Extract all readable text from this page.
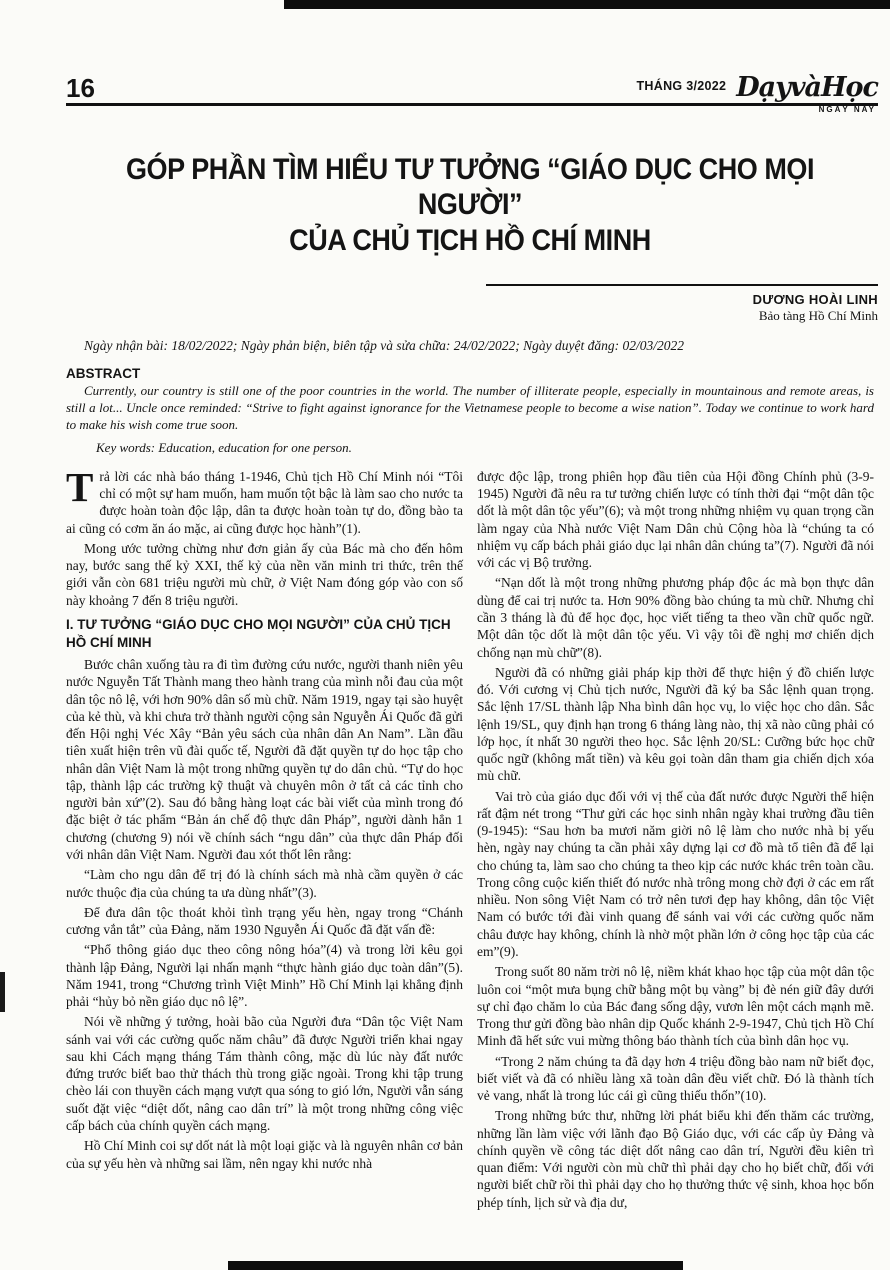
16	THÁNG 3/2022 DạyvàHọc
NGÀY NAY
GÓP PHẦN TÌM HIỂU TƯ TƯỞNG “GIÁO DỤC CHO MỌI NGƯỜI”
CỦA CHỦ TỊCH HỒ CHÍ MINH
DƯƠNG HOÀI LINH
Bảo tàng Hồ Chí Minh
Ngày nhận bài: 18/02/2022; Ngày phản biện, biên tập và sửa chữa: 24/02/2022; Ngày duyệt đăng: 02/03/2022
ABSTRACT
Currently, our country is still one of the poor countries in the world. The number of illiterate people, especially in mountainous and remote areas, is still a lot... Uncle once reminded: “Strive to fight against ignorance for the Vietnamese people to become a wise nation”. Today we continue to work hard to make his wish come true soon.
Key words: Education, education for one person.

Trả lời các nhà báo tháng 1-1946, Chủ tịch Hồ Chí Minh nói “Tôi chỉ có một sự ham muốn, ham muốn tột bậc là làm sao cho nước ta được hoàn toàn độc lập, dân ta được hoàn toàn tự do, đồng bào ta ai cũng có cơm ăn áo mặc, ai cũng được học hành”(1).

Mong ước tưởng chừng như đơn giản ấy của Bác mà cho đến hôm nay, bước sang thế kỷ XXI, thế kỷ của nền văn minh tri thức, trên thế giới vẫn còn 681 triệu người mù chữ, ở Việt Nam đóng góp vào con số này khoảng 7 đến 8 triệu người.

I. TƯ TƯỞNG “GIÁO DỤC CHO MỌI NGƯỜI” CỦA CHỦ TỊCH HỒ CHÍ MINH

Bước chân xuống tàu ra đi tìm đường cứu nước, người thanh niên yêu nước Nguyễn Tất Thành mang theo hành trang của mình nỗi đau của một dân tộc nô lệ, với hơn 90% dân số mù chữ. Năm 1919, ngay tại sào huyệt của kẻ thù, và khi chưa trở thành người cộng sản Nguyễn Ái Quốc đã gửi đến Hội nghị Véc Xây “Bản yêu sách của nhân dân An Nam”. Lần đầu tiên xuất hiện trên vũ đài quốc tế, Người đã đặt quyền tự do học tập cho nhân dân Việt Nam là một trong những quyền tự do dân chủ. “Tự do học tập, thành lập các trường kỹ thuật và chuyên môn ở tất cả các tỉnh cho người bản xứ”(2). Sau đó bằng hàng loạt các bài viết của mình trong đó đặc biệt ở tác phẩm “Bản án chế độ thực dân Pháp”, người dành hẳn 1 chương (chương 9) nói về chính sách “ngu dân” của thực dân Pháp đối với nhân dân Việt Nam. Người đau xót thốt lên rằng:

“Làm cho ngu dân để trị đó là chính sách mà nhà cầm quyền ở các nước thuộc địa của chúng ta ưa dùng nhất”(3).

Để đưa dân tộc thoát khỏi tình trạng yếu hèn, ngay trong “Chánh cương vắn tắt” của Đảng, năm 1930 Nguyễn Ái Quốc đã đặt vấn đề:

“Phổ thông giáo dục theo công nông hóa”(4) và trong lời kêu gọi thành lập Đảng, Người lại nhấn mạnh “thực hành giáo dục toàn dân”(5). Năm 1941, trong “Chương trình Việt Minh” Hồ Chí Minh lại khẳng định phải “hủy bỏ nền giáo dục nô lệ”.

Nói về những ý tưởng, hoài bão của Người đưa “Dân tộc Việt Nam sánh vai với các cường quốc năm châu” đã được Người triển khai ngay sau khi Cách mạng tháng Tám thành công, mặc dù lúc này đất nước đứng trước biết bao thử thách thù trong giặc ngoài. Trong khi tập trung chèo lái con thuyền cách mạng vượt qua sóng to gió lớn, Người vẫn sáng suốt đặt việc “diệt dốt, nâng cao dân trí” là một trong những công việc cấp bách của chính quyền cách mạng.

Hồ Chí Minh coi sự dốt nát là một loại giặc và là nguyên nhân cơ bản của sự yếu hèn và những sai lầm, nên ngay khi nước nhà

được độc lập, trong phiên họp đầu tiên của Hội đồng Chính phủ (3-9-1945) Người đã nêu ra tư tưởng chiến lược có tính thời đại “một dân tộc dốt là một dân tộc yếu”(6); và một trong những nhiệm vụ quan trọng cần làm ngay của Nhà nước Việt Nam Dân chủ Cộng hòa là “chúng ta có nhiệm vụ cấp bách phải giáo dục lại nhân dân chúng ta”(7). Người đã nói với các vị Bộ trưởng.

“Nạn dốt là một trong những phương pháp độc ác mà bọn thực dân dùng để cai trị nước ta. Hơn 90% đồng bào chúng ta mù chữ. Nhưng chỉ cần 3 tháng là đủ để học đọc, học viết tiếng ta theo vần chữ quốc ngữ. Một dân tộc dốt là một dân tộc yếu. Vì vậy tôi đề nghị mơ chiến dịch chống nạn mù chữ”(8).

Người đã có những giải pháp kịp thời để thực hiện ý đồ chiến lược đó. Với cương vị Chủ tịch nước, Người đã ký ba Sắc lệnh quan trọng. Sắc lệnh 17/SL thành lập Nha bình dân học vụ, lo việc học cho dân. Sắc lệnh 19/SL, quy định hạn trong 6 tháng làng nào, thị xã nào cũng phải có lớp học, ít nhất 30 người theo học. Sắc lệnh 20/SL: Cưỡng bức học chữ quốc ngữ (không mất tiền) và kêu gọi toàn dân tham gia chiến dịch xóa mù chữ.

Vai trò của giáo dục đối với vị thế của đất nước được Người thể hiện rất đậm nét trong “Thư gửi các học sinh nhân ngày khai trường đầu tiên (9-1945): “Sau hơn ba mươi năm giời nô lệ làm cho nước nhà bị yếu hèn, ngày nay chúng ta cần phải xây dựng lại cơ đồ mà tổ tiên đã để lại cho chúng ta, làm sao cho chúng ta theo kịp các nước khác trên toàn cầu. Trong công cuộc kiến thiết đó nước nhà trông mong chờ đợi ở các em rất nhiều. Non sông Việt Nam có trở nên tươi đẹp hay không, dân tộc Việt Nam có bước tới đài vinh quang để sánh vai với các cường quốc năm châu được hay không, chính là nhờ một phần lớn ở công học tập của các em”(9).

Trong suốt 80 năm trời nô lệ, niềm khát khao học tập của một dân tộc luôn coi “một mưa bụng chữ bằng một bụ vàng” bị đè nén giữ đây dưới sự chỉ đạo chăm lo của Bác đang sống dậy, vươn lên một cách mạnh mẽ. Trong thư gửi đồng bào nhân dịp Quốc khánh 2-9-1947, Chủ tịch Hồ Chí Minh đã hết sức vui mừng thông báo thành tích của bình dân học vụ.

“Trong 2 năm chúng ta đã dạy hơn 4 triệu đồng bào nam nữ biết đọc, biết viết và đã có nhiều làng xã toàn dân đều viết chữ. Đó là thành tích vẻ vang, nhất là trong lúc cái gì cũng thiếu thốn”(10).

Trong những bức thư, những lời phát biểu khi đến thăm các trường, những lần làm việc với lãnh đạo Bộ Giáo dục, với các cấp ủy Đảng và chính quyền về công tác diệt dốt nâng cao dân trí, Người đều kiên trì quan điểm: Với người còn mù chữ thì phải dạy cho họ biết chữ, đối với người biết chữ rồi thì phải dạy cho họ thưởng thức vệ sinh, khoa học bốn phép tính, lịch sử và địa dư,
